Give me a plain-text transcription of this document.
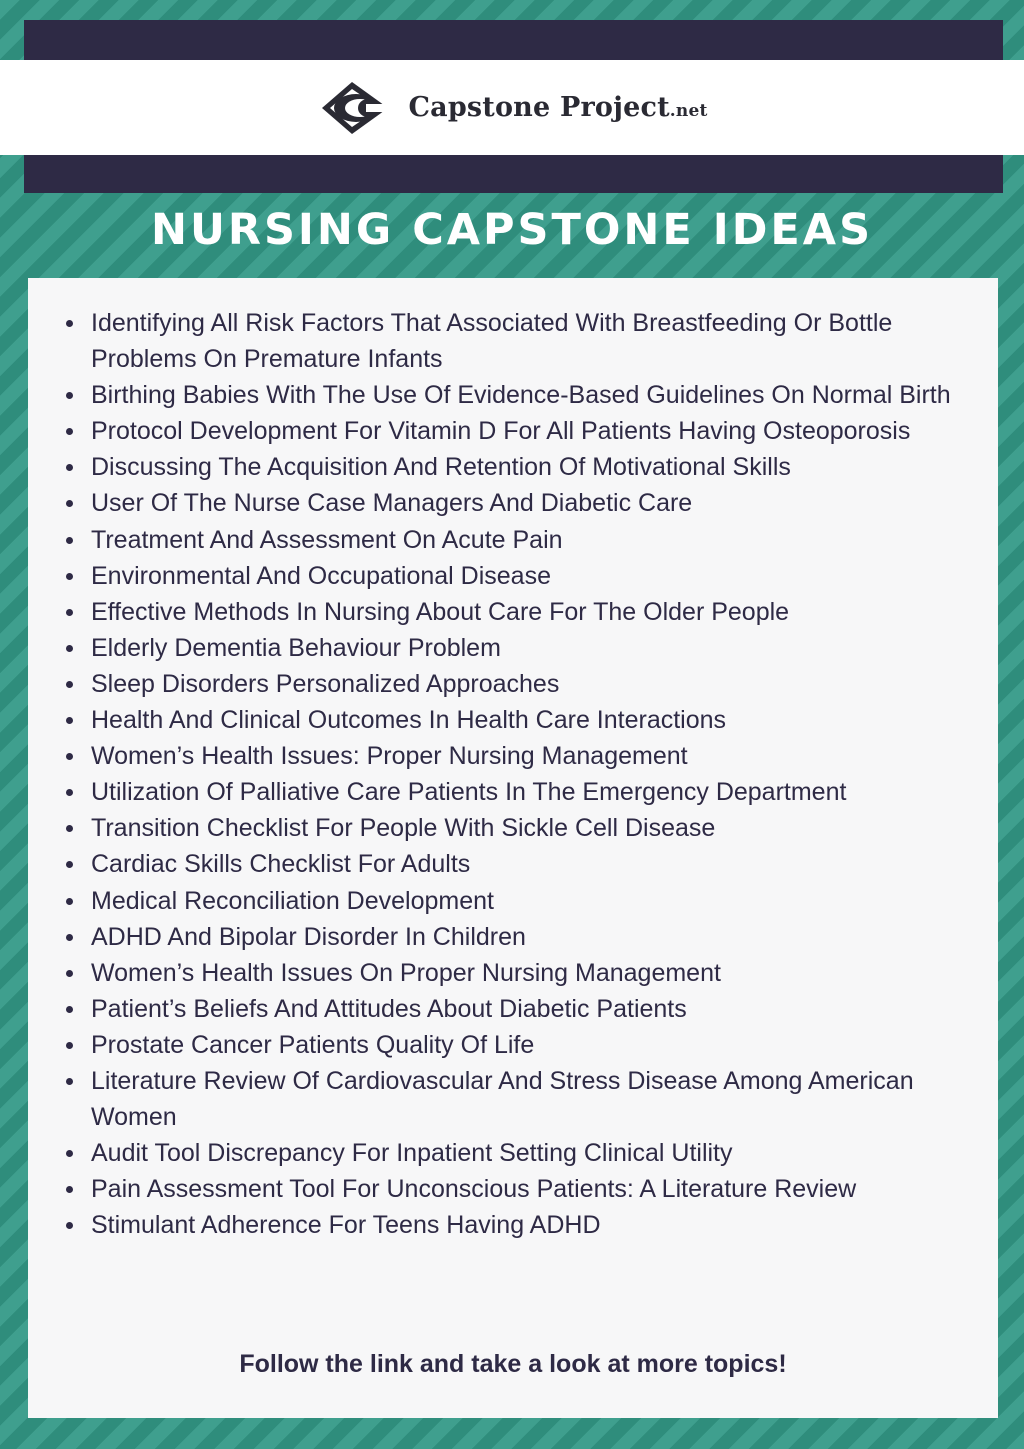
Capstone Project.net
NURSING CAPSTONE IDEAS
Identifying All Risk Factors That Associated With Breastfeeding Or Bottle Problems On Premature Infants
Birthing Babies With The Use Of Evidence-Based Guidelines On Normal Birth
Protocol Development For Vitamin D For All Patients Having Osteoporosis
Discussing The Acquisition And Retention Of Motivational Skills
User Of The Nurse Case Managers And Diabetic Care
Treatment And Assessment On Acute Pain
Environmental And Occupational Disease
Effective Methods In Nursing About Care For The Older People
Elderly Dementia Behaviour Problem
Sleep Disorders Personalized Approaches
Health And Clinical Outcomes In Health Care Interactions
Women’s Health Issues: Proper Nursing Management
Utilization Of Palliative Care Patients In The Emergency Department
Transition Checklist For People With Sickle Cell Disease
Cardiac Skills Checklist For Adults
Medical Reconciliation Development
ADHD And Bipolar Disorder In Children
Women’s Health Issues On Proper Nursing Management
Patient’s Beliefs And Attitudes About Diabetic Patients
Prostate Cancer Patients Quality Of Life
Literature Review Of Cardiovascular And Stress Disease Among American Women
Audit Tool Discrepancy For Inpatient Setting Clinical Utility
Pain Assessment Tool For Unconscious Patients: A Literature Review
Stimulant Adherence For Teens Having ADHD

Follow the link and take a look at more topics!
